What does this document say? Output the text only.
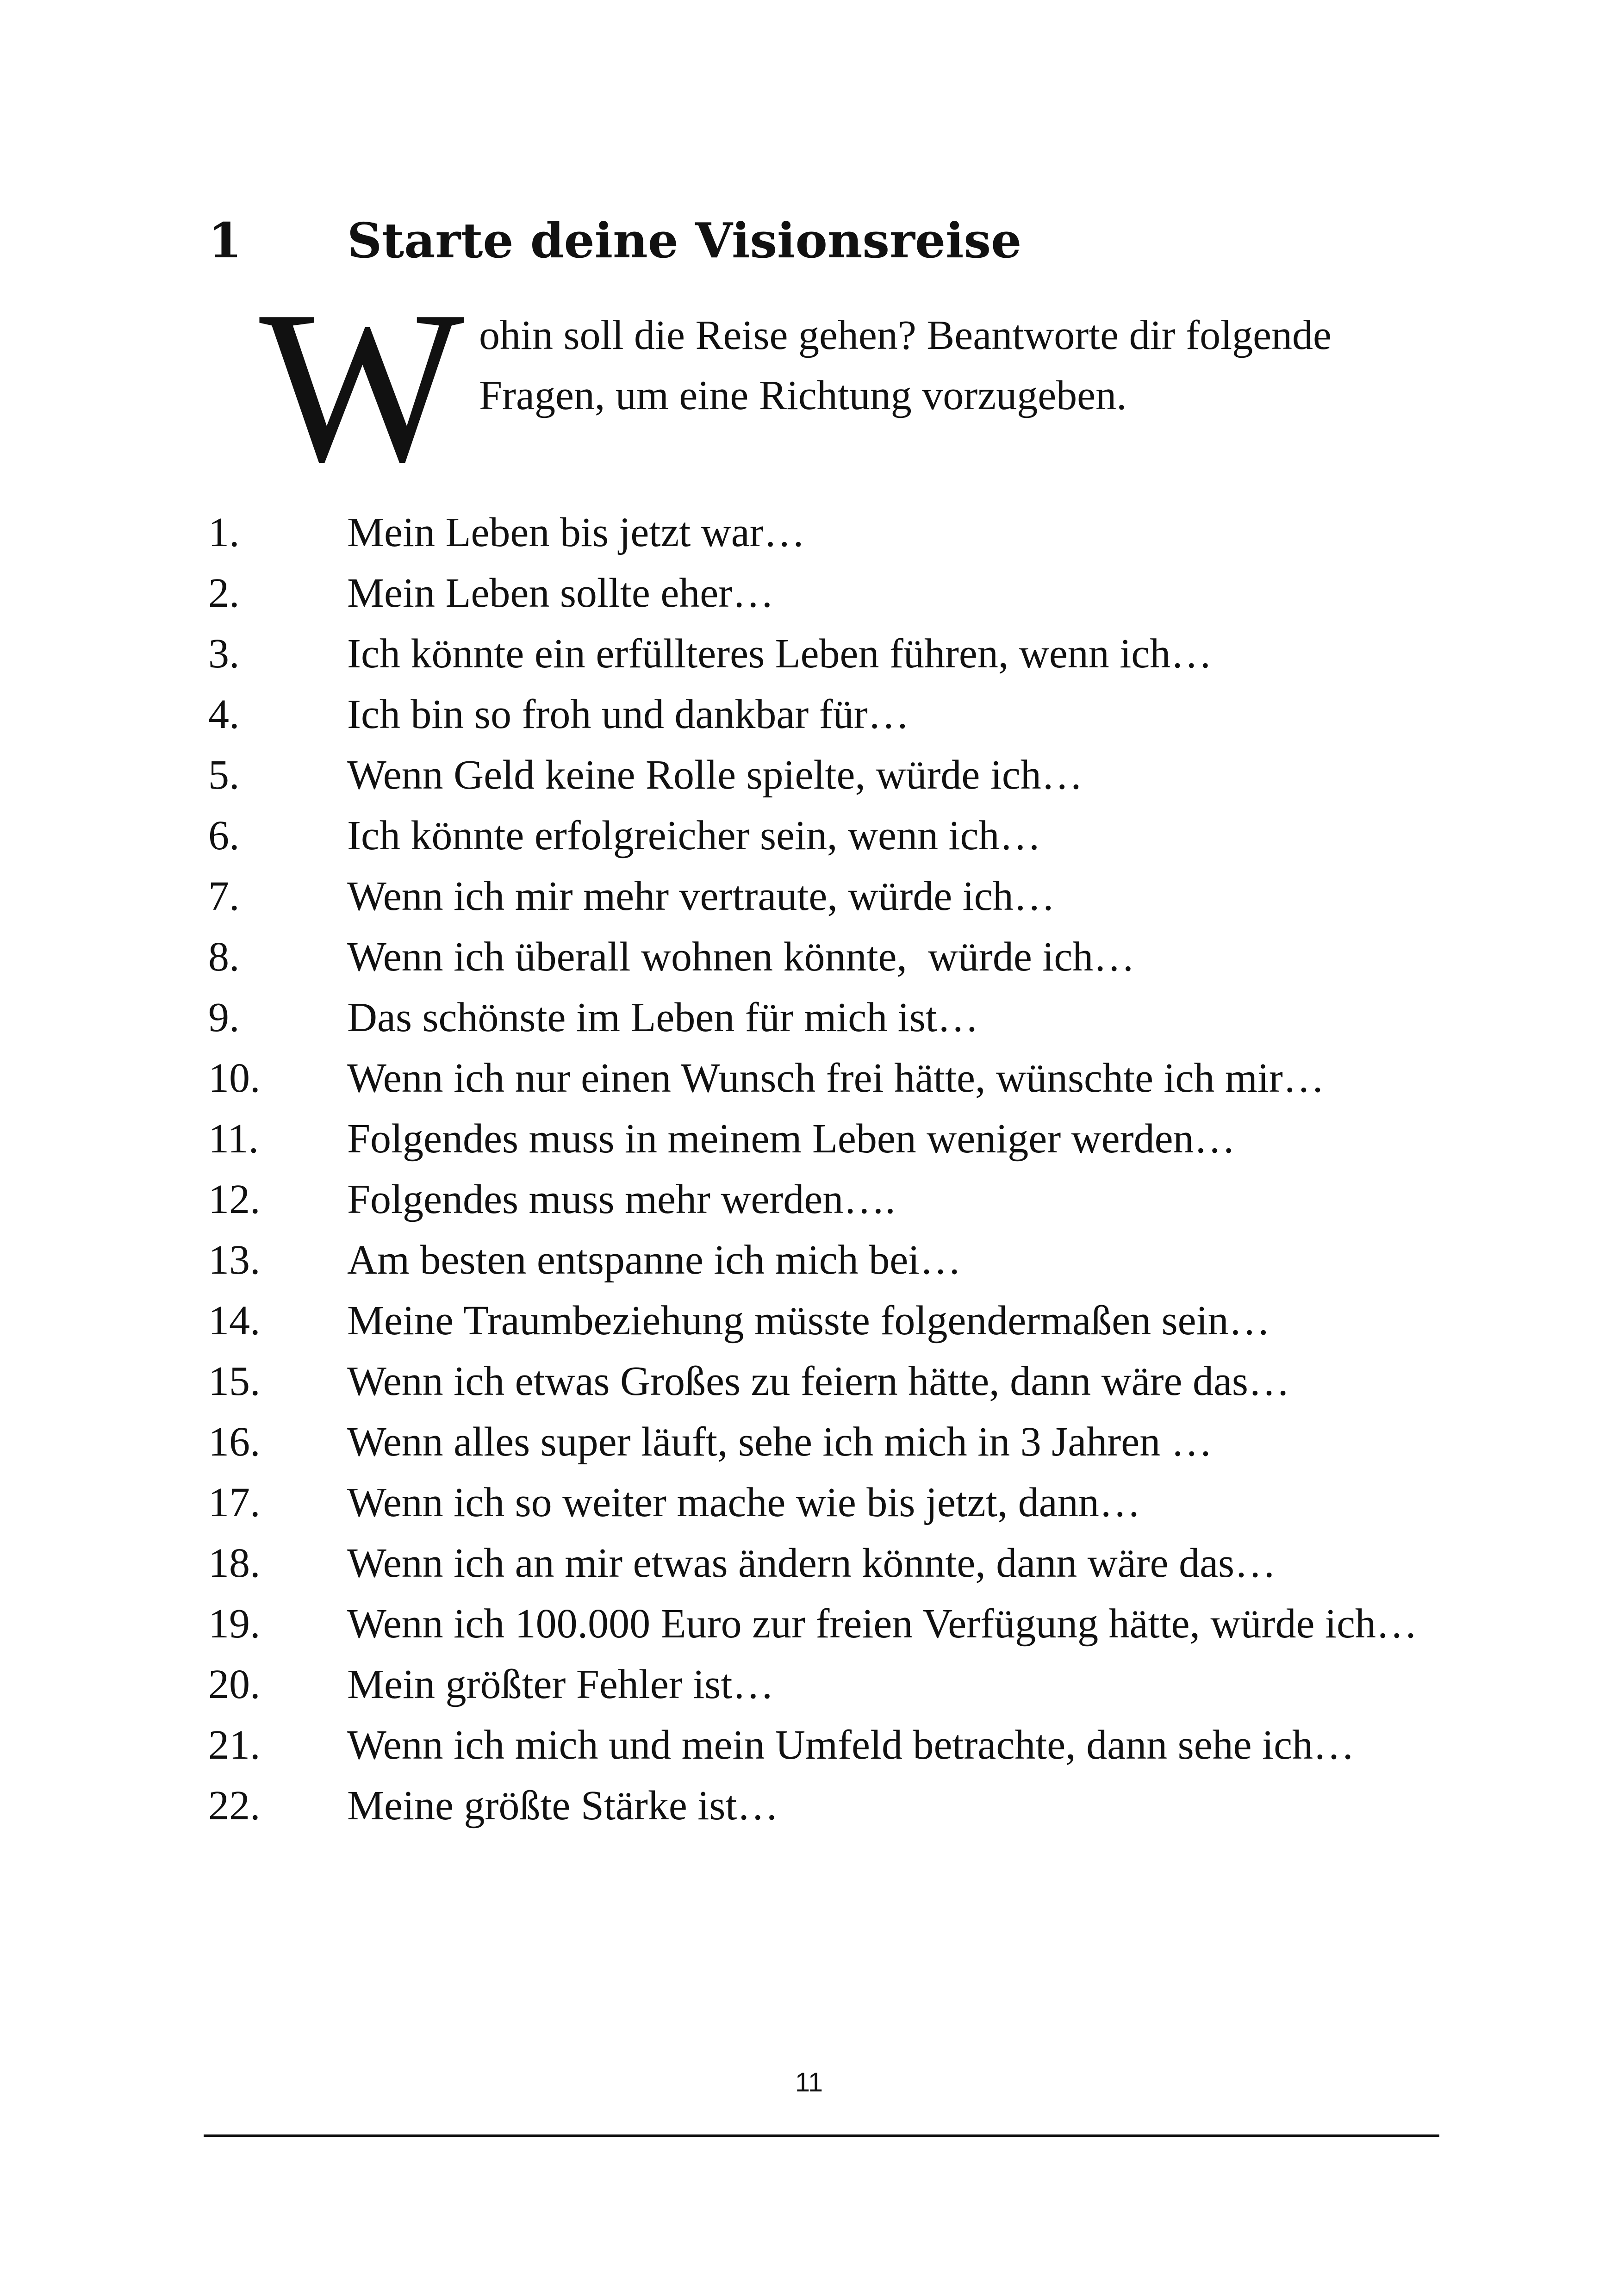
1 Starte deine Visionsreise
W ohin soll die Reise gehen? Beantworte dir folgende
Fragen, um eine Richtung vorzugeben.
1.	Mein Leben bis jetzt war…
2.	Mein Leben sollte eher…
3.	Ich könnte ein erfüllteres Leben führen, wenn ich…
4.	Ich bin so froh und dankbar für…
5.	Wenn Geld keine Rolle spielte, würde ich…
6.	Ich könnte erfolgreicher sein, wenn ich…
7.	Wenn ich mir mehr vertraute, würde ich…
8.	Wenn ich überall wohnen könnte,  würde ich…
9.	Das schönste im Leben für mich ist…
10.	Wenn ich nur einen Wunsch frei hätte, wünschte ich mir…
11.	Folgendes muss in meinem Leben weniger werden…
12.	Folgendes muss mehr werden….
13.	Am besten entspanne ich mich bei…
14.	Meine Traumbeziehung müsste folgendermaßen sein…
15.	Wenn ich etwas Großes zu feiern hätte, dann wäre das…
16.	Wenn alles super läuft, sehe ich mich in 3 Jahren …
17.	Wenn ich so weiter mache wie bis jetzt, dann…
18.	Wenn ich an mir etwas ändern könnte, dann wäre das…
19.	Wenn ich 100.000 Euro zur freien Verfügung hätte, würde ich…
20.	Mein größter Fehler ist…
21.	Wenn ich mich und mein Umfeld betrachte, dann sehe ich…
22.	Meine größte Stärke ist…
11
